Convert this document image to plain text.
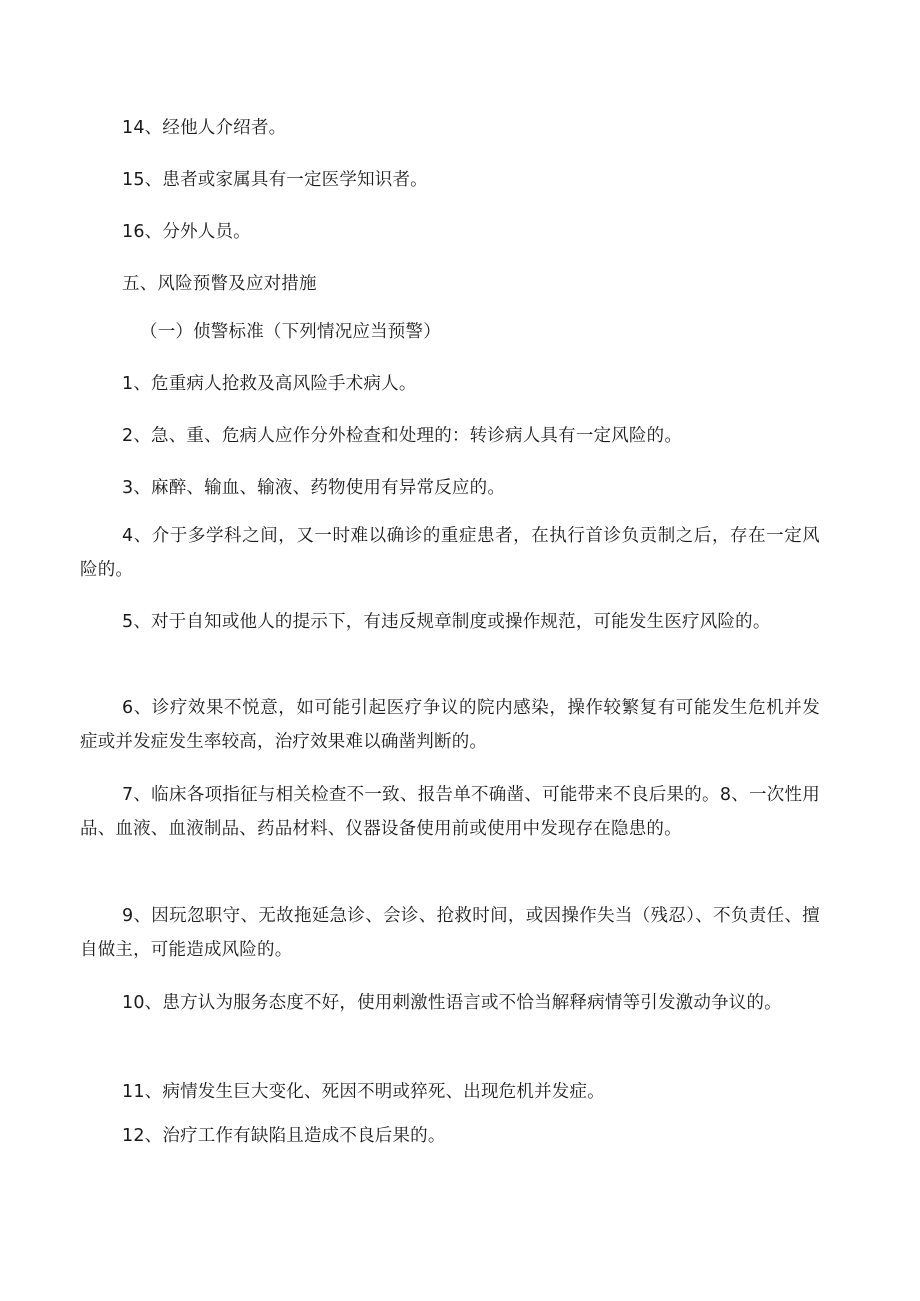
14、经他人介绍者。
15、患者或家属具有一定医学知识者。
16、分外人员。
五、风险预瞥及应对措施
（一）侦警标准（下列情况应当预警）
1、危重病人抢救及高风险手术病人。
2、急、重、危病人应作分外检查和处理的：转诊病人具有一定风险的。
3、麻醉、输血、输液、药物使用有异常反应的。
4、介于多学科之间，又一时难以确诊的重症患者，在执行首诊负贡制之后，存在一定风险的。
5、对于自知或他人的提示下，有违反规章制度或操作规范，可能发生医疗风险的。
6、诊疗效果不悦意，如可能引起医疗争议的院内感染，操作较繁复有可能发生危机并发症或并发症发生率较高，治疗效果难以确凿判断的。
7、临床各项指征与相关检查不一致、报告单不确凿、可能带来不良后果的。8、一次性用品、血液、血液制品、药品材料、仪器设备使用前或使用中发现存在隐患的。
9、因玩忽职守、无故拖延急诊、会诊、抢救时间，或因操作失当（残忍）、不负责任、擅自做主，可能造成风险的。
10、患方认为服务态度不好，使用刺激性语言或不恰当解释病情等引发激动争议的。
11、病情发生巨大变化、死因不明或猝死、出现危机并发症。
12、治疗工作有缺陷且造成不良后果的。
